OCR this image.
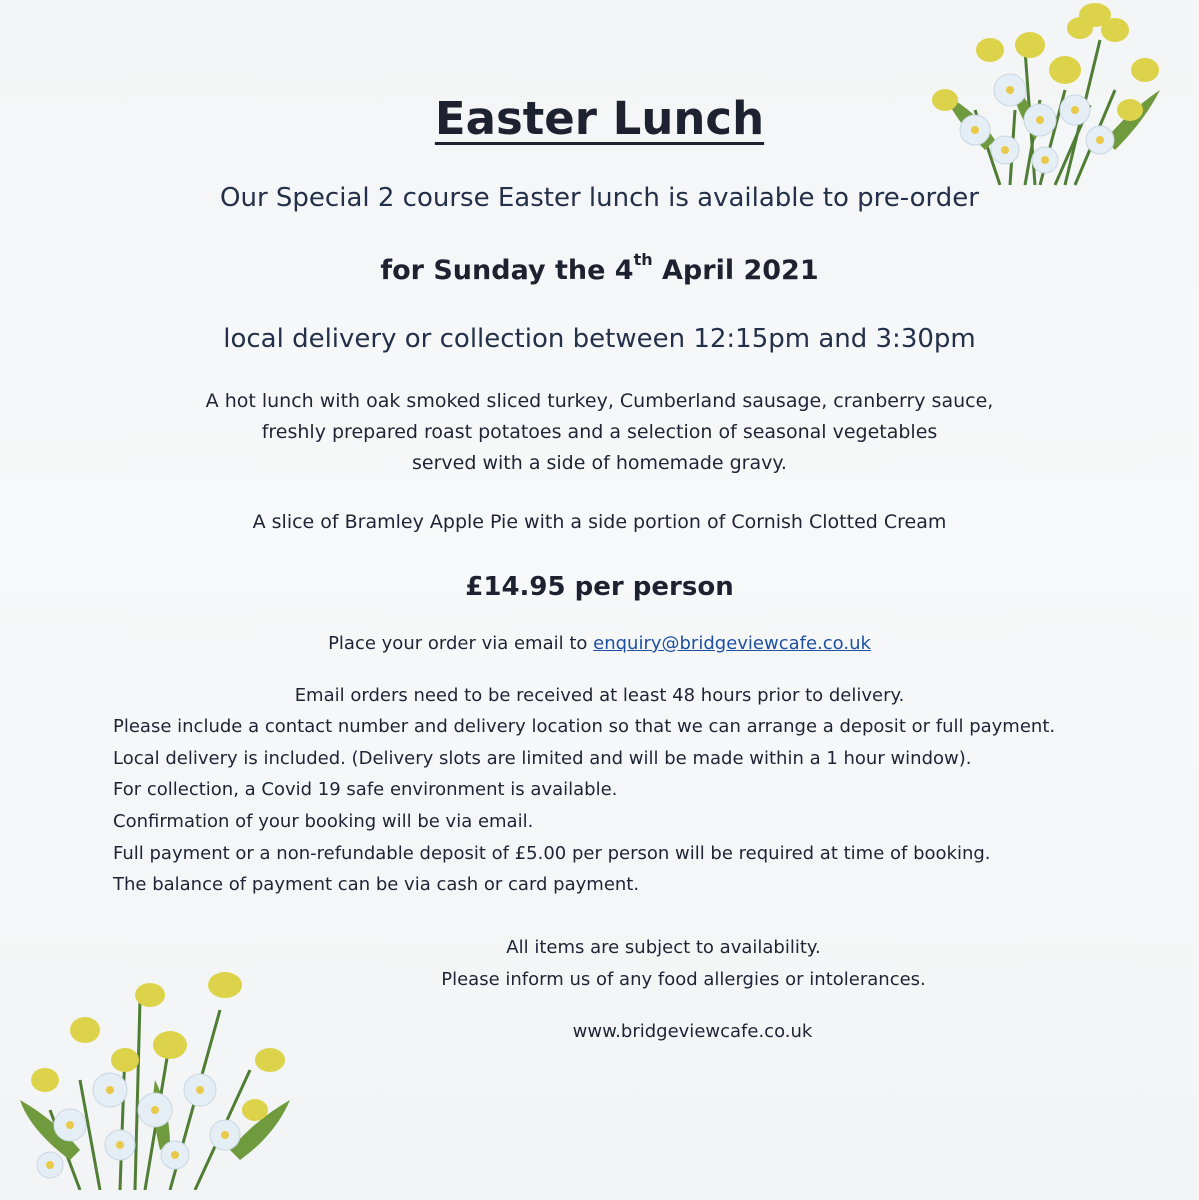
Easter Lunch
Our Special 2 course Easter lunch is available to pre-order
for Sunday the 4th April 2021
local delivery or collection between 12:15pm and 3:30pm
A hot lunch with oak smoked sliced turkey, Cumberland sausage, cranberry sauce,
freshly prepared roast potatoes and a selection of seasonal vegetables
served with a side of homemade gravy.
A slice of Bramley Apple Pie with a side portion of Cornish Clotted Cream
£14.95 per person
Place your order via email to enquiry@bridgeviewcafe.co.uk
Email orders need to be received at least 48 hours prior to delivery.
Please include a contact number and delivery location so that we can arrange a deposit or full payment.
Local delivery is included. (Delivery slots are limited and will be made within a 1 hour window).
For collection, a Covid 19 safe environment is available.
Confirmation of your booking will be via email.
Full payment or a non-refundable deposit of £5.00 per person will be required at time of booking.
The balance of payment can be via cash or card payment.
All items are subject to availability.
Please inform us of any food allergies or intolerances.
www.bridgeviewcafe.co.uk
